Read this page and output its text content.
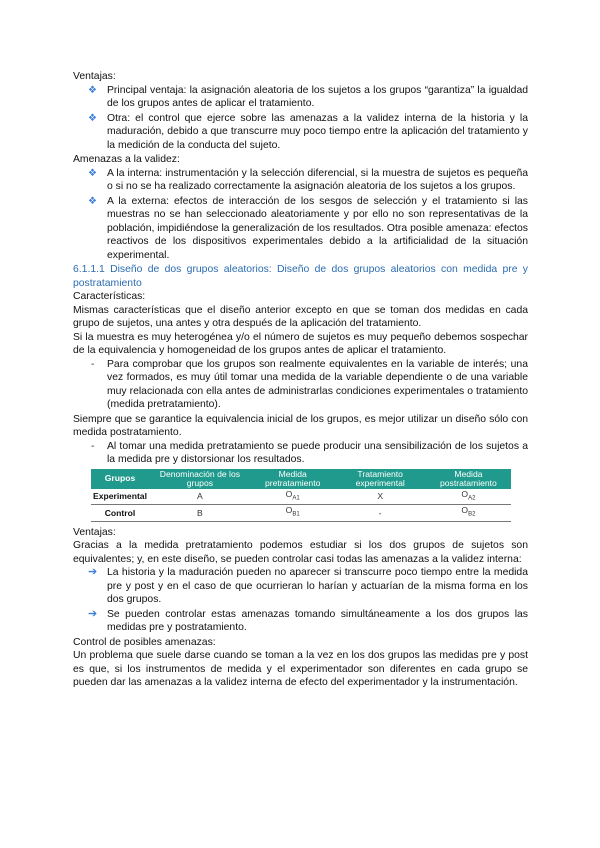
Ventajas:

❖ Principal ventaja: la asignación aleatoria de los sujetos a los grupos “garantiza” la igualdad de los grupos antes de aplicar el tratamiento.
❖ Otra: el control que ejerce sobre las amenazas a la validez interna de la historia y la maduración, debido a que transcurre muy poco tiempo entre la aplicación del tratamiento y la medición de la conducta del sujeto.

Amenazas a la validez:

❖ A la interna: instrumentación y la selección diferencial, si la muestra de sujetos es pequeña o si no se ha realizado correctamente la asignación aleatoria de los sujetos a los grupos.
❖ A la externa: efectos de interacción de los sesgos de selección y el tratamiento si las muestras no se han seleccionado aleatoriamente y por ello no son representativas de la población, impidiéndose la generalización de los resultados. Otra posible amenaza: efectos reactivos de los dispositivos experimentales debido a la artificialidad de la situación experimental.

6.1.1.1 Diseño de dos grupos aleatorios: Diseño de dos grupos aleatorios con medida pre y postratamiento

Características:

Mismas características que el diseño anterior excepto en que se toman dos medidas en cada grupo de sujetos, una antes y otra después de la aplicación del tratamiento.

Si la muestra es muy heterogénea y/o el número de sujetos es muy pequeño debemos sospechar de la equivalencia y homogeneidad de los grupos antes de aplicar el tratamiento.

- Para comprobar que los grupos son realmente equivalentes en la variable de interés; una vez formados, es muy útil tomar una medida de la variable dependiente o de una variable muy relacionada con ella antes de administrarlas condiciones experimentales o tratamiento (medida pretratamiento).

Siempre que se garantice la equivalencia inicial de los grupos, es mejor utilizar un diseño sólo con medida postratamiento.

- Al tomar una medida pretratamiento se puede producir una sensibilización de los sujetos a la medida pre y distorsionar los resultados.
Grupos	Denominación de los grupos	Medida pretratamiento	Tratamiento experimental	Medida postratamiento
Experimental	A	$O_{A1}$	X	$O_{A2}$
Control	B	$O_{B1}$	-	$O_{B2}$

Ventajas:

Gracias a la medida pretratamiento podemos estudiar si los dos grupos de sujetos son equivalentes; y, en este diseño, se pueden controlar casi todas las amenazas a la validez interna:

➔ La historia y la maduración pueden no aparecer si transcurre poco tiempo entre la medida pre y post y en el caso de que ocurrieran lo harían y actuarían de la misma forma en los dos grupos.
➔ Se pueden controlar estas amenazas tomando simultáneamente a los dos grupos las medidas pre y postratamiento.

Control de posibles amenazas:

Un problema que suele darse cuando se toman a la vez en los dos grupos las medidas pre y post es que, si los instrumentos de medida y el experimentador son diferentes en cada grupo se pueden dar las amenazas a la validez interna de efecto del experimentador y la instrumentación.
